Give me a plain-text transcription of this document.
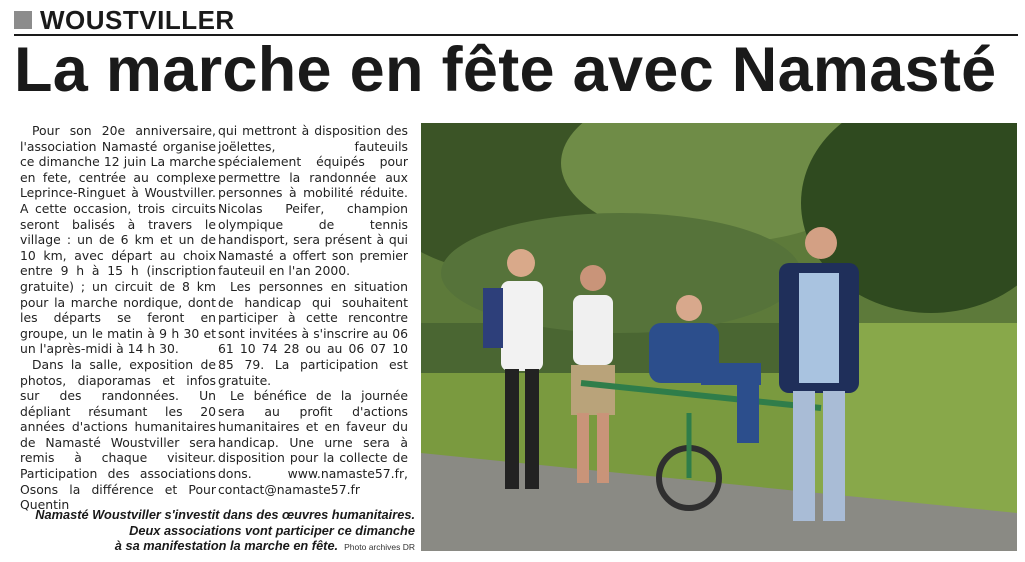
WOUSTVILLER
La marche en fête avec Namasté

Pour son 20e anniversaire, l'association Namasté organise ce dimanche 12 juin La marche en fete, centrée au complexe Leprince-Ringuet à Woustviller. A cette occasion, trois circuits seront balisés à travers le village : un de 6 km et un de 10 km, avec départ au choix entre 9 h à 15 h (inscription gratuite) ; un circuit de 8 km pour la marche nordique, dont les départs se feront en groupe, un le matin à 9 h 30 et un l'après-midi à 14 h 30.

Dans la salle, exposition de photos, diaporamas et infos sur des randonnées. Un dépliant résumant les 20 années d'actions humanitaires de Namasté Woustviller sera remis à chaque visiteur. Participation des associations Osons la différence et Pour Quentin

qui mettront à disposition des joëlettes, fauteuils spécialement équipés pour permettre la randonnée aux personnes à mobilité réduite. Nicolas Peifer, champion olympique de tennis handisport, sera présent à qui Namasté a offert son premier fauteuil en l'an 2000.

Les personnes en situation de handicap qui souhaitent participer à cette rencontre sont invitées à s'inscrire au 06 61 10 74 28 ou au 06 07 10 85 79. La participation est gratuite.

Le bénéfice de la journée sera au profit d'actions humanitaires et en faveur du handicap. Une urne sera à disposition pour la collecte de dons. www.namaste57.fr, contact@namaste57.fr

Namasté Woustviller s'investit dans des œuvres humanitaires.
Deux associations vont participer ce dimanche
à sa manifestation la marche en fête. Photo archives DR
